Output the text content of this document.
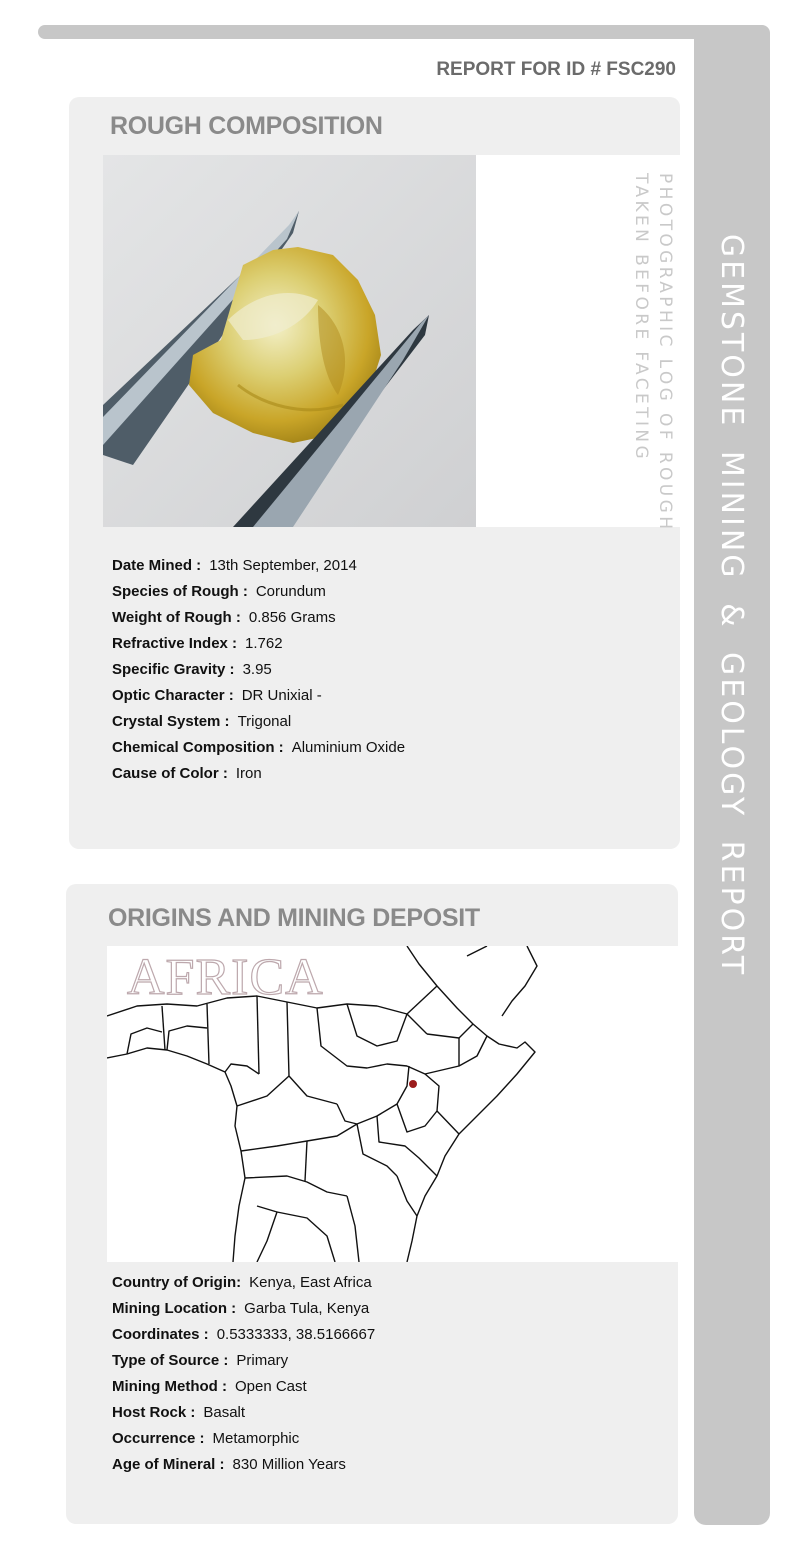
GEMSTONE MINING & GEOLOGY REPORT
REPORT FOR ID # FSC290
ROUGH COMPOSITION
PHOTOGRAPHIC LOG OF ROUGH
TAKEN BEFORE FACETING
Date Mined : 13th September, 2014
Species of Rough : Corundum
Weight of Rough : 0.856 Grams
Refractive Index : 1.762
Specific Gravity : 3.95
Optic Character : DR Unixial -
Crystal System : Trigonal
Chemical Composition : Aluminium Oxide
Cause of Color : Iron
ORIGINS AND MINING DEPOSIT
AFRICA
Country of Origin: Kenya, East Africa
Mining Location : Garba Tula, Kenya
Coordinates : 0.5333333, 38.5166667
Type of Source : Primary
Mining Method : Open Cast
Host Rock : Basalt
Occurrence : Metamorphic
Age of Mineral : 830 Million Years
